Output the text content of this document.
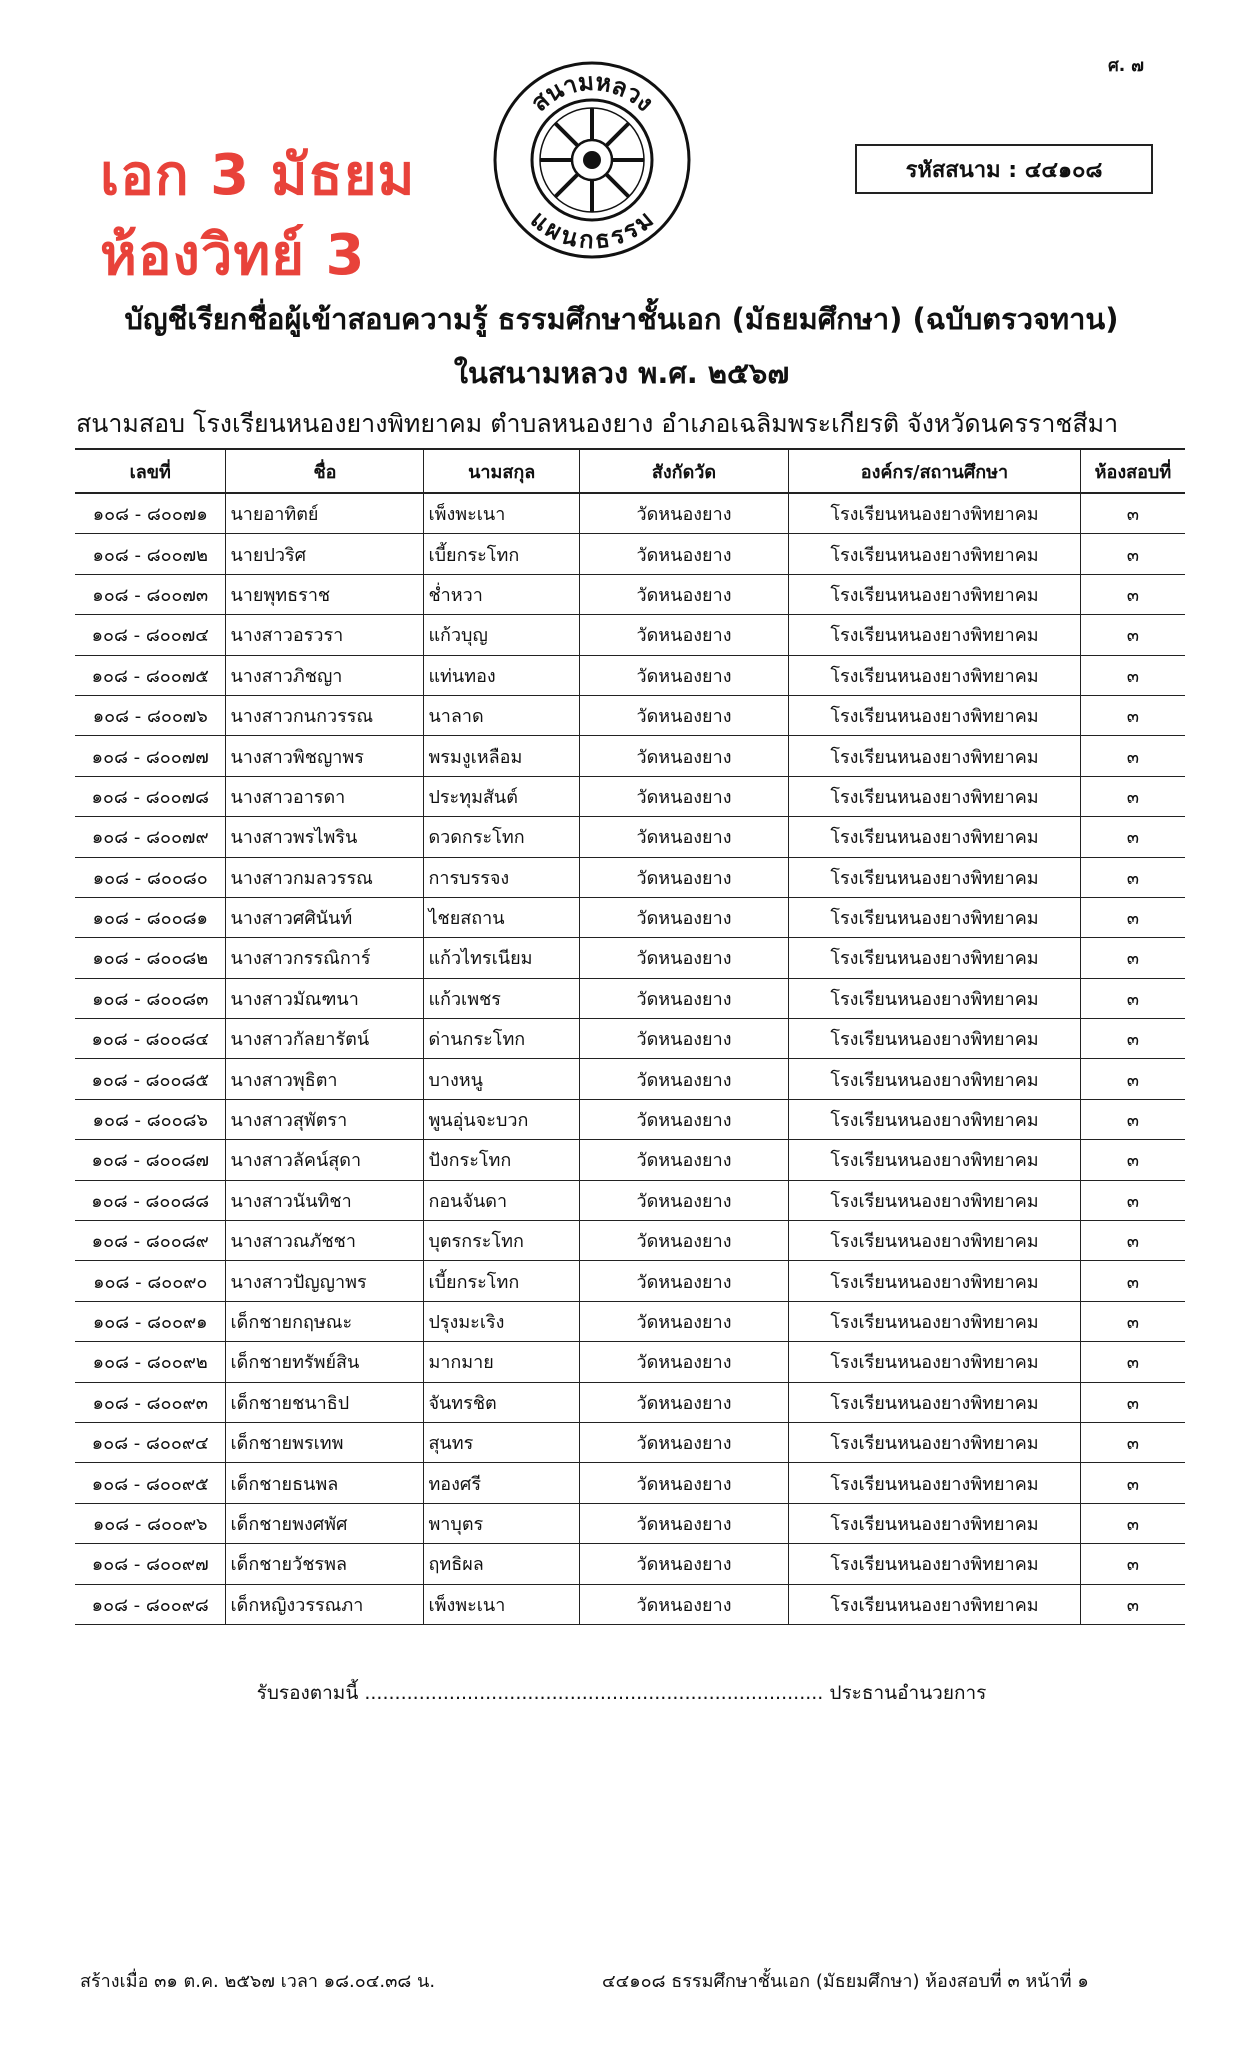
ศ. ๗
เอก 3 มัธยม
ห้องวิทย์ 3
สนามหลวง
แผนกธรรม
รหัสสนาม : ๔๔๑๐๘
บัญชีเรียกชื่อผู้เข้าสอบความรู้ ธรรมศึกษาชั้นเอก (มัธยมศึกษา) (ฉบับตรวจทาน)
ในสนามหลวง พ.ศ. ๒๕๖๗
สนามสอบ โรงเรียนหนองยางพิทยาคม ตำบลหนองยาง อำเภอเฉลิมพระเกียรติ จังหวัดนครราชสีมา
เลขที่	ชื่อ	นามสกุล	สังกัดวัด	องค์กร/สถานศึกษา	ห้องสอบที่
๑๐๘ - ๘๐๐๗๑	นายอาทิตย์	เพ็งพะเนา	วัดหนองยาง	โรงเรียนหนองยางพิทยาคม	๓
๑๐๘ - ๘๐๐๗๒	นายปวริศ	เบี้ยกระโทก	วัดหนองยาง	โรงเรียนหนองยางพิทยาคม	๓
๑๐๘ - ๘๐๐๗๓	นายพุทธราช	ช่ำหวา	วัดหนองยาง	โรงเรียนหนองยางพิทยาคม	๓
๑๐๘ - ๘๐๐๗๔	นางสาวอรวรา	แก้วบุญ	วัดหนองยาง	โรงเรียนหนองยางพิทยาคม	๓
๑๐๘ - ๘๐๐๗๕	นางสาวภิชญา	แท่นทอง	วัดหนองยาง	โรงเรียนหนองยางพิทยาคม	๓
๑๐๘ - ๘๐๐๗๖	นางสาวกนกวรรณ	นาลาด	วัดหนองยาง	โรงเรียนหนองยางพิทยาคม	๓
๑๐๘ - ๘๐๐๗๗	นางสาวพิชญาพร	พรมงูเหลือม	วัดหนองยาง	โรงเรียนหนองยางพิทยาคม	๓
๑๐๘ - ๘๐๐๗๘	นางสาวอารดา	ประทุมสันต์	วัดหนองยาง	โรงเรียนหนองยางพิทยาคม	๓
๑๐๘ - ๘๐๐๗๙	นางสาวพรไพริน	ดวดกระโทก	วัดหนองยาง	โรงเรียนหนองยางพิทยาคม	๓
๑๐๘ - ๘๐๐๘๐	นางสาวกมลวรรณ	การบรรจง	วัดหนองยาง	โรงเรียนหนองยางพิทยาคม	๓
๑๐๘ - ๘๐๐๘๑	นางสาวศศินันท์	ไชยสถาน	วัดหนองยาง	โรงเรียนหนองยางพิทยาคม	๓
๑๐๘ - ๘๐๐๘๒	นางสาวกรรณิการ์	แก้วไทรเนียม	วัดหนองยาง	โรงเรียนหนองยางพิทยาคม	๓
๑๐๘ - ๘๐๐๘๓	นางสาวมัณฑนา	แก้วเพชร	วัดหนองยาง	โรงเรียนหนองยางพิทยาคม	๓
๑๐๘ - ๘๐๐๘๔	นางสาวกัลยารัตน์	ด่านกระโทก	วัดหนองยาง	โรงเรียนหนองยางพิทยาคม	๓
๑๐๘ - ๘๐๐๘๕	นางสาวพุธิตา	บางหนู	วัดหนองยาง	โรงเรียนหนองยางพิทยาคม	๓
๑๐๘ - ๘๐๐๘๖	นางสาวสุพัตรา	พูนอุ่นจะบวก	วัดหนองยาง	โรงเรียนหนองยางพิทยาคม	๓
๑๐๘ - ๘๐๐๘๗	นางสาวลัคน์สุดา	ปังกระโทก	วัดหนองยาง	โรงเรียนหนองยางพิทยาคม	๓
๑๐๘ - ๘๐๐๘๘	นางสาวนันทิชา	กอนจันดา	วัดหนองยาง	โรงเรียนหนองยางพิทยาคม	๓
๑๐๘ - ๘๐๐๘๙	นางสาวณภัชชา	บุตรกระโทก	วัดหนองยาง	โรงเรียนหนองยางพิทยาคม	๓
๑๐๘ - ๘๐๐๙๐	นางสาวปัญญาพร	เบี้ยกระโทก	วัดหนองยาง	โรงเรียนหนองยางพิทยาคม	๓
๑๐๘ - ๘๐๐๙๑	เด็กชายกฤษณะ	ปรุงมะเริง	วัดหนองยาง	โรงเรียนหนองยางพิทยาคม	๓
๑๐๘ - ๘๐๐๙๒	เด็กชายทรัพย์สิน	มากมาย	วัดหนองยาง	โรงเรียนหนองยางพิทยาคม	๓
๑๐๘ - ๘๐๐๙๓	เด็กชายชนาธิป	จันทรชิต	วัดหนองยาง	โรงเรียนหนองยางพิทยาคม	๓
๑๐๘ - ๘๐๐๙๔	เด็กชายพรเทพ	สุนทร	วัดหนองยาง	โรงเรียนหนองยางพิทยาคม	๓
๑๐๘ - ๘๐๐๙๕	เด็กชายธนพล	ทองศรี	วัดหนองยาง	โรงเรียนหนองยางพิทยาคม	๓
๑๐๘ - ๘๐๐๙๖	เด็กชายพงศพัศ	พาบุตร	วัดหนองยาง	โรงเรียนหนองยางพิทยาคม	๓
๑๐๘ - ๘๐๐๙๗	เด็กชายวัชรพล	ฤทธิผล	วัดหนองยาง	โรงเรียนหนองยางพิทยาคม	๓
๑๐๘ - ๘๐๐๙๘	เด็กหญิงวรรณภา	เพ็งพะเนา	วัดหนองยาง	โรงเรียนหนองยางพิทยาคม	๓
รับรองตามนี้ ............................................................................ ประธานอำนวยการ
สร้างเมื่อ ๓๑ ต.ค. ๒๕๖๗ เวลา ๑๘.๐๔.๓๘ น.	๔๔๑๐๘ ธรรมศึกษาชั้นเอก (มัธยมศึกษา) ห้องสอบที่ ๓ หน้าที่ ๑
